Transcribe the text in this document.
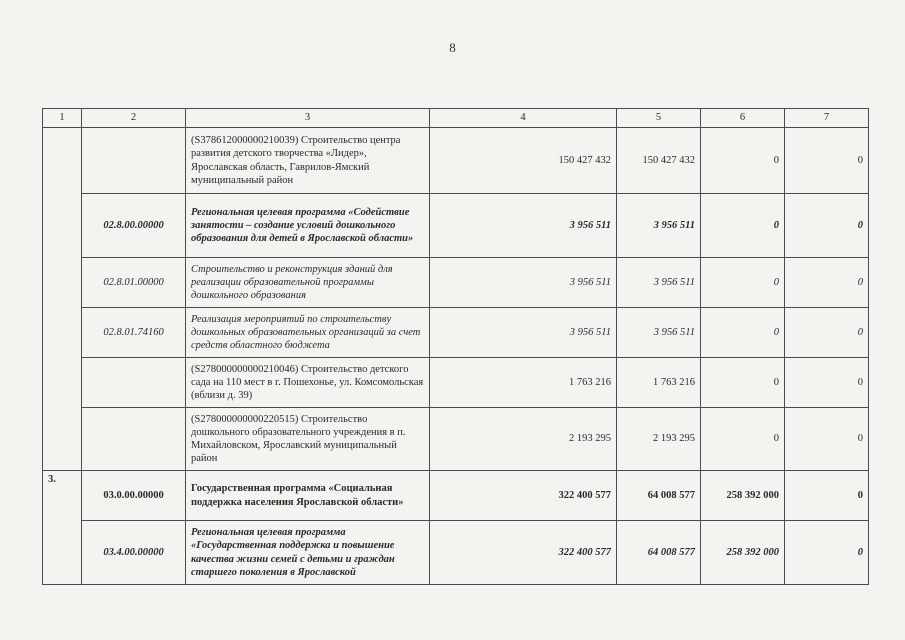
8
1	2	3	4	5	6	7
		(S378612000000210039) Строительство центра развития детского творчества «Лидер», Ярославская область, Гаврилов-Ямский муниципальный район	150 427 432	150 427 432	0	0
	02.8.00.00000	Региональная целевая программа «Содействие занятости – создание условий дошкольного образования для детей в Ярославской области»	3 956 511	3 956 511	0	0
	02.8.01.00000	Строительство и реконструкция зданий для реализации образовательной программы дошкольного образования	3 956 511	3 956 511	0	0
	02.8.01.74160	Реализация мероприятий по строительству дошкольных образовательных организаций за счет средств областного бюджета	3 956 511	3 956 511	0	0
		(S278000000000210046) Строительство детского сада на 110 мест в г. Пошехонье, ул. Комсомольская (вблизи д. 39)	1 763 216	1 763 216	0	0
		(S278000000000220515) Строительство дошкольного образовательного учреждения в п. Михайловском, Ярославский муниципальный район	2 193 295	2 193 295	0	0
3.	03.0.00.00000	Государственная программа «Социальная поддержка населения Ярославской области»	322 400 577	64 008 577	258 392 000	0
	03.4.00.00000	Региональная целевая программа «Государственная поддержка и повышение качества жизни семей с детьми и граждан старшего поколения в Ярославской	322 400 577	64 008 577	258 392 000	0
